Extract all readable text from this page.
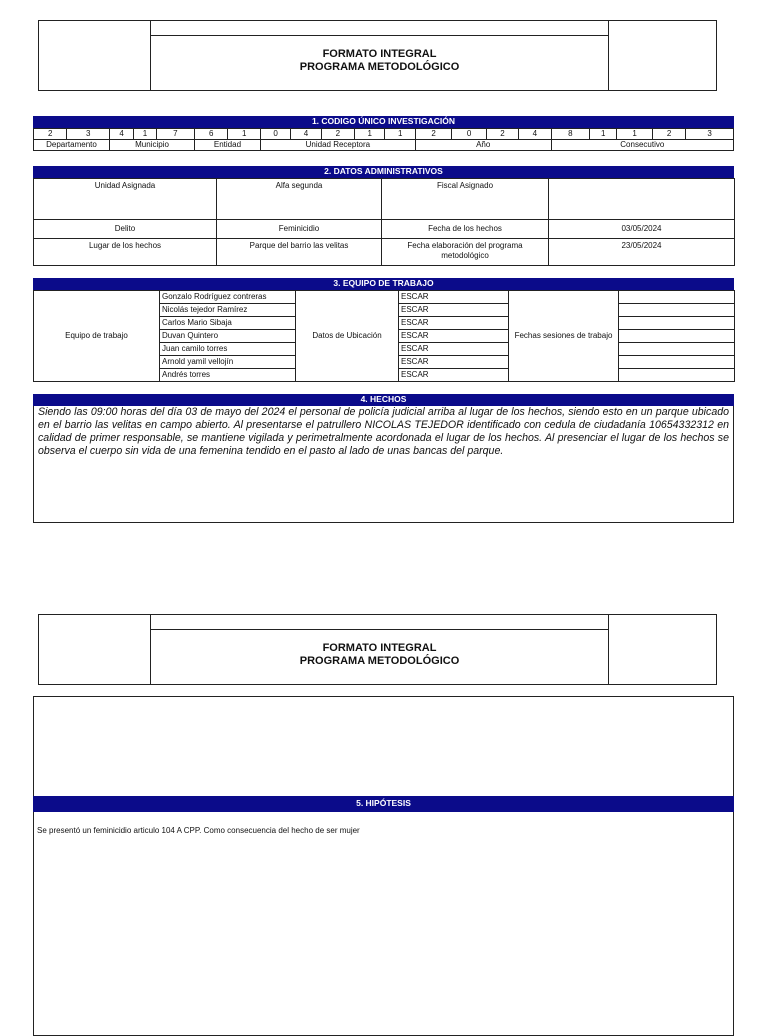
FORMATO INTEGRAL
PROGRAMA METODOLÓGICO
1. CODIGO ÚNICO INVESTIGACIÓN
2	3	4	1	7	6	1	0	4	2	1	1	2	0	2	4	8	1	1	2	3
Departamento		Municipio			Entidad		Unidad Receptora					Año				Consecutivo				
2. DATOS ADMINISTRATIVOS
Unidad Asignada	Alfa segunda	Fiscal Asignado	
Delito	Feminicidio	Fecha de los hechos	03/05/2024
Lugar de los hechos	Parque del barrio las velitas	Fecha elaboración del programa metodológico	23/05/2024
3. EQUIPO DE TRABAJO
Equipo de trabajo	Gonzalo Rodríguez contreras	Datos de Ubicación	ESCAR	Fechas sesiones de trabajo	
	Nicolás tejedor Ramírez		ESCAR		
	Carlos Mario Sibaja		ESCAR		
	Duvan Quintero		ESCAR		
	Juan camilo torres		ESCAR		
	Arnold yamil vellojín		ESCAR		
	Andrés torres		ESCAR		
4. HECHOS
Siendo las 09:00 horas del día 03 de mayo del 2024 el personal de policía judicial arriba al lugar de los hechos, siendo esto en un parque ubicado en el barrio las velitas en campo abierto. Al presentarse el patrullero NICOLAS TEJEDOR identificado con cedula de ciudadanía 10654332312 en calidad de primer responsable, se mantiene vigilada y perimetralmente acordonada el lugar de los hechos. Al presenciar el lugar de los hechos se observa el cuerpo sin vida de una femenina tendido en el pasto al lado de unas bancas del parque.
FORMATO INTEGRAL
PROGRAMA METODOLÓGICO
5. HIPÓTESIS
Se presentó un feminicidio articulo 104 A CPP. Como consecuencia del hecho de ser mujer
